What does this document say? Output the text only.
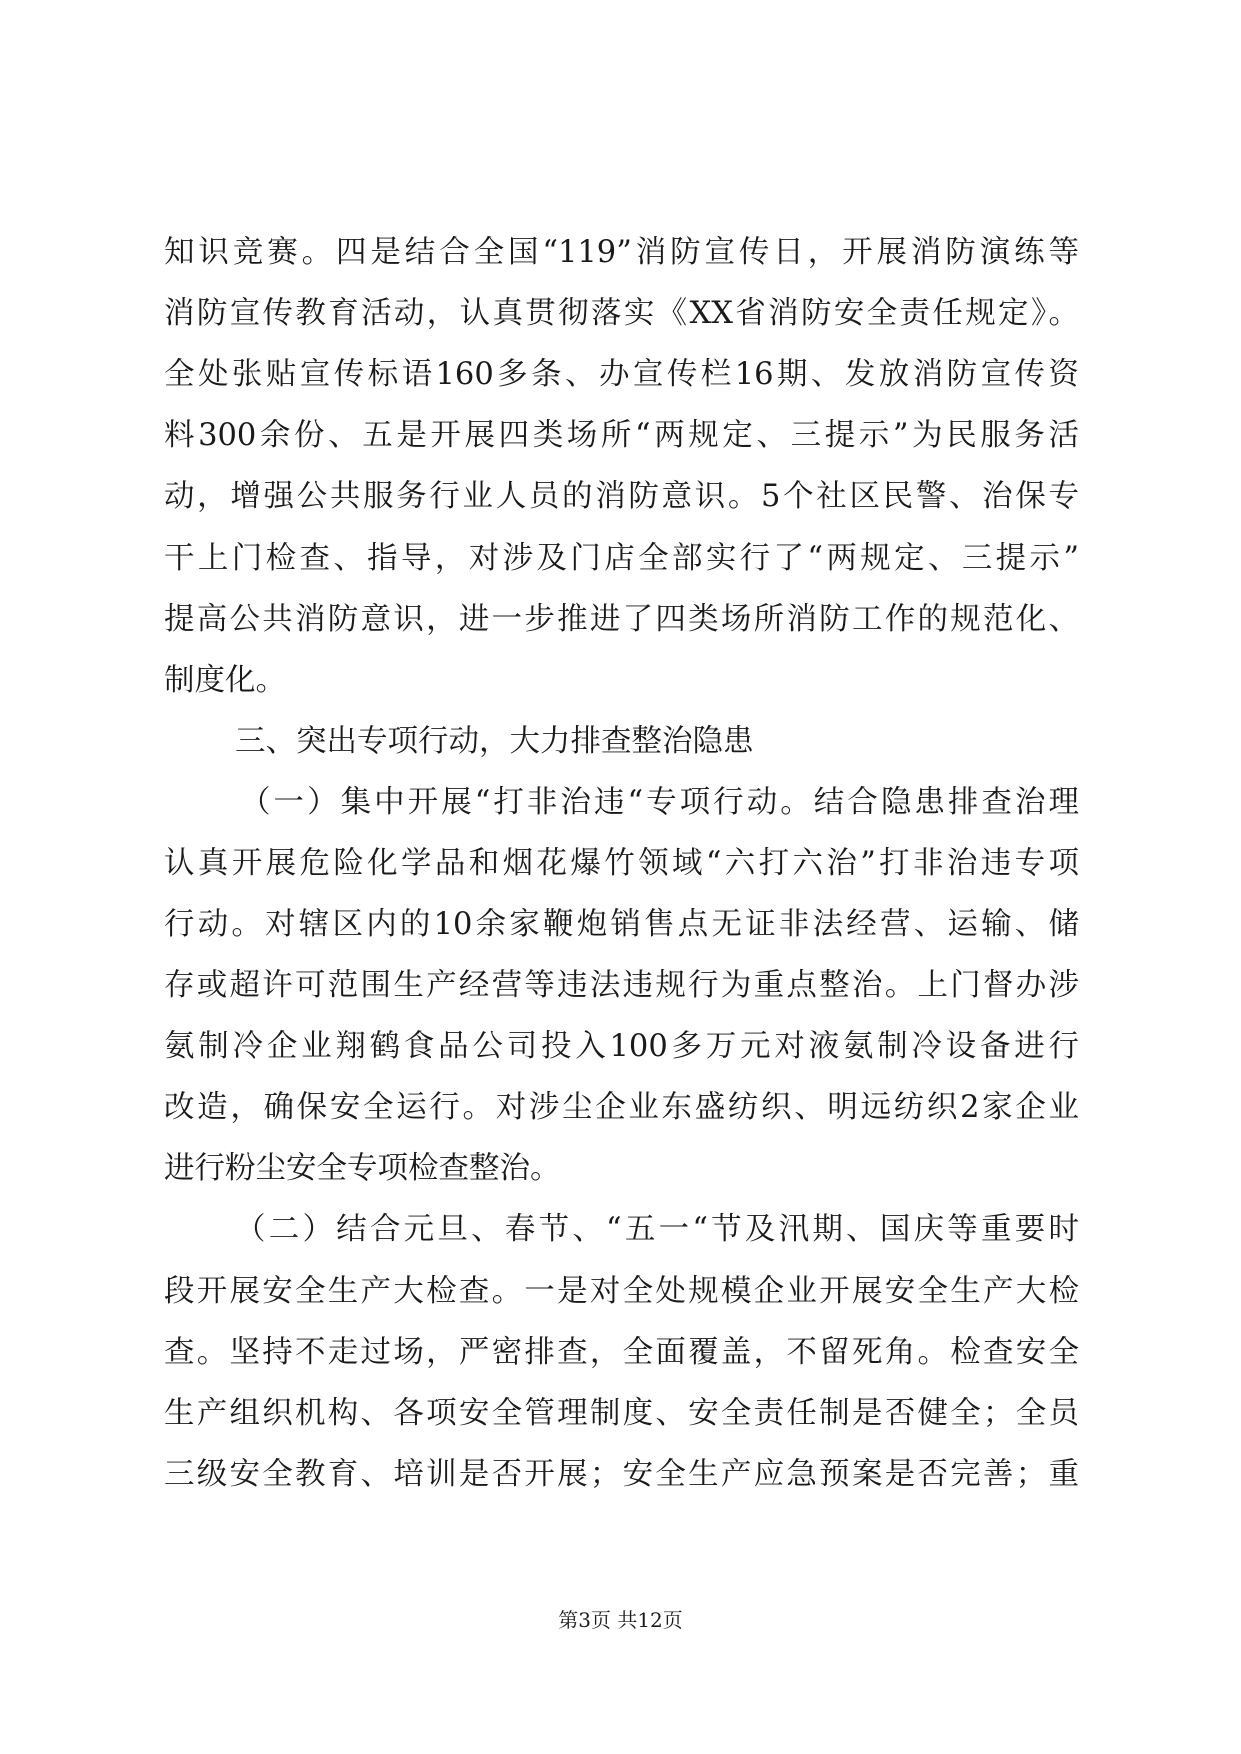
知识竞赛。四是结合全国“119”消防宣传日，开展消防演练等
消防宣传教育活动，认真贯彻落实《XX省消防安全责任规定》。
全处张贴宣传标语160多条、办宣传栏16期、发放消防宣传资
料300余份、五是开展四类场所“两规定、三提示”为民服务活
动，增强公共服务行业人员的消防意识。5个社区民警、治保专
干上门检查、指导，对涉及门店全部实行了“两规定、三提示”
提高公共消防意识，进一步推进了四类场所消防工作的规范化、
制度化。
三、突出专项行动，大力排查整治隐患
（一）集中开展“打非治违“专项行动。结合隐患排查治理
认真开展危险化学品和烟花爆竹领域“六打六治”打非治违专项
行动。对辖区内的10余家鞭炮销售点无证非法经营、运输、储
存或超许可范围生产经营等违法违规行为重点整治。上门督办涉
氨制冷企业翔鹤食品公司投入100多万元对液氨制冷设备进行
改造，确保安全运行。对涉尘企业东盛纺织、明远纺织2家企业
进行粉尘安全专项检查整治。
（二）结合元旦、春节、“五一“节及汛期、国庆等重要时
段开展安全生产大检查。一是对全处规模企业开展安全生产大检
查。坚持不走过场，严密排查，全面覆盖，不留死角。检查安全
生产组织机构、各项安全管理制度、安全责任制是否健全；全员
三级安全教育、培训是否开展；安全生产应急预案是否完善；重
第3页 共12页
